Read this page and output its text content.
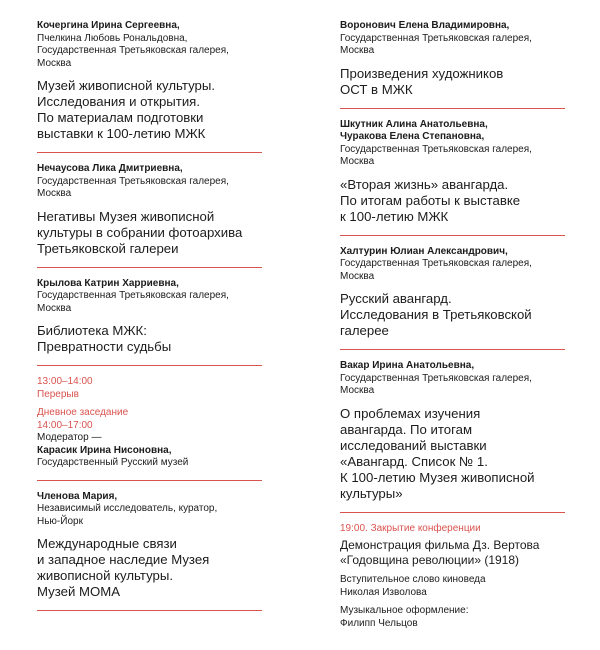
Кочергина Ирина Сергеевна,
Пчелкина Любовь Рональдовна,
Государственная Третьяковская галерея,
Москва
Музей живописной культуры.
Исследования и открытия.
По материалам подготовки
выставки к 100-летию МЖК
Нечаусова Лика Дмитриевна,
Государственная Третьяковская галерея,
Москва
Негативы Музея живописной
культуры в собрании фотоархива
Третьяковской галереи
Крылова Катрин Харриевна,
Государственная Третьяковская галерея,
Москва
Библиотека МЖК:
Превратности судьбы
13:00–14:00
Перерыв
Дневное заседание
14:00–17:00
Модератор —
Карасик Ирина Нисоновна,
Государственный Русский музей
Членова Мария,
Независимый исследователь, куратор,
Нью-Йорк
Международные связи
и западное наследие Музея
живописной культуры.
Музей MOMA
Воронович Елена Владимировна,
Государственная Третьяковская галерея,
Москва
Произведения художников
ОСТ в МЖК
Шкутник Алина Анатольевна,
Чуракова Елена Степановна,
Государственная Третьяковская галерея,
Москва
«Вторая жизнь» авангарда.
По итогам работы к выставке
к 100-летию МЖК
Халтурин Юлиан Александрович,
Государственная Третьяковская галерея,
Москва
Русский авангард.
Исследования в Третьяковской
галерее
Вакар Ирина Анатольевна,
Государственная Третьяковская галерея,
Москва
О проблемах изучения
авангарда. По итогам
исследований выставки
«Авангард. Список № 1.
К 100-летию Музея живописной
культуры»
19:00. Закрытие конференции
Демонстрация фильма Дз. Вертова
«Годовщина революции» (1918)
Вступительное слово киноведа
Николая Изволова
Музыкальное оформление:
Филипп Чельцов
